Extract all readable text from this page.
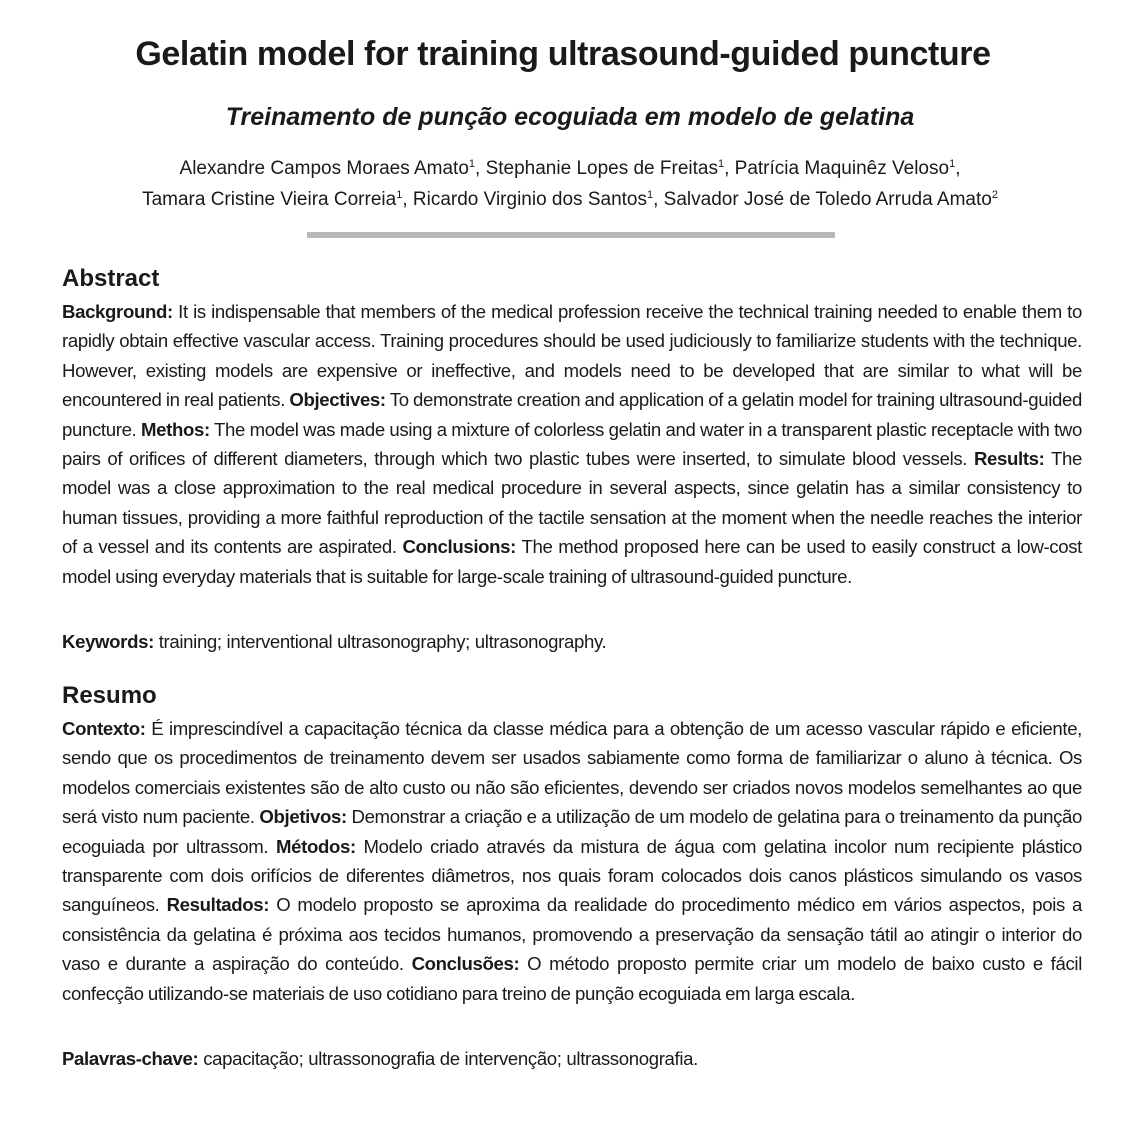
Gelatin model for training ultrasound-guided puncture
Treinamento de punção ecoguiada em modelo de gelatina
Alexandre Campos Moraes Amato$^1$, Stephanie Lopes de Freitas$^1$, Patrícia Maquinêz Veloso$^1$,
Tamara Cristine Vieira Correia$^1$, Ricardo Virginio dos Santos$^1$, Salvador José de Toledo Arruda Amato$^2$
Abstract

Background: It is indispensable that members of the medical profession receive the technical training needed to enable them to rapidly obtain effective vascular access. Training procedures should be used judiciously to familiarize students with the technique. However, existing models are expensive or ineffective, and models need to be developed that are similar to what will be encountered in real patients. Objectives: To demonstrate creation and application of a gelatin model for training ultrasound-guided puncture. Methos: The model was made using a mixture of colorless gelatin and water in a transparent plastic receptacle with two pairs of orifices of different diameters, through which two plastic tubes were inserted, to simulate blood vessels. Results: The model was a close approximation to the real medical procedure in several aspects, since gelatin has a similar consistency to human tissues, providing a more faithful reproduction of the tactile sensation at the moment when the needle reaches the interior of a vessel and its contents are aspirated. Conclusions: The method proposed here can be used to easily construct a low-cost model using everyday materials that is suitable for large-scale training of ultrasound-guided puncture.

Keywords: training; interventional ultrasonography; ultrasonography.

Resumo

Contexto: É imprescindível a capacitação técnica da classe médica para a obtenção de um acesso vascular rápido e eficiente, sendo que os procedimentos de treinamento devem ser usados sabiamente como forma de familiarizar o aluno à técnica. Os modelos comerciais existentes são de alto custo ou não são eficientes, devendo ser criados novos modelos semelhantes ao que será visto num paciente. Objetivos: Demonstrar a criação e a utilização de um modelo de gelatina para o treinamento da punção ecoguiada por ultrassom. Métodos: Modelo criado através da mistura de água com gelatina incolor num recipiente plástico transparente com dois orifícios de diferentes diâmetros, nos quais foram colocados dois canos plásticos simulando os vasos sanguíneos. Resultados: O modelo proposto se aproxima da realidade do procedimento médico em vários aspectos, pois a consistência da gelatina é próxima aos tecidos humanos, promovendo a preservação da sensação tátil ao atingir o interior do vaso e durante a aspiração do conteúdo. Conclusões: O método proposto permite criar um modelo de baixo custo e fácil confecção utilizando-se materiais de uso cotidiano para treino de punção ecoguiada em larga escala.

Palavras-chave: capacitação; ultrassonografia de intervenção; ultrassonografia.
